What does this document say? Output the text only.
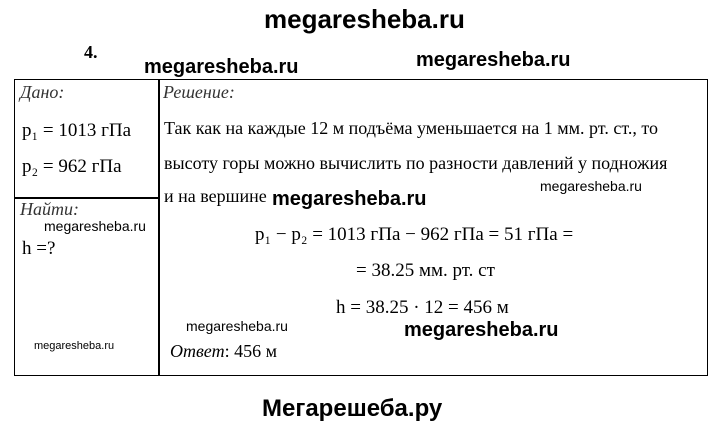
megaresheba.ru
4.
megaresheba.ru	megaresheba.ru
Дано:
p₁ = 1013 гПа
p₂ = 962 гПа
Найти:
megaresheba.ru
h =?
megaresheba.ru
Решение:
Так как на каждые 12 м подъёма уменьшается на 1 мм. рт. ст., то
высоту горы можно вычислить по разности давлений у подножия
и на вершине megaresheba.ru
megaresheba.ru
p₁ − p₂ = 1013 гПа − 962 гПа = 51 гПа =
= 38.25 мм. рт. ст
h = 38.25 · 12 = 456 м
megaresheba.ru	megaresheba.ru
Ответ: 456 м
Мегарешеба.ру
